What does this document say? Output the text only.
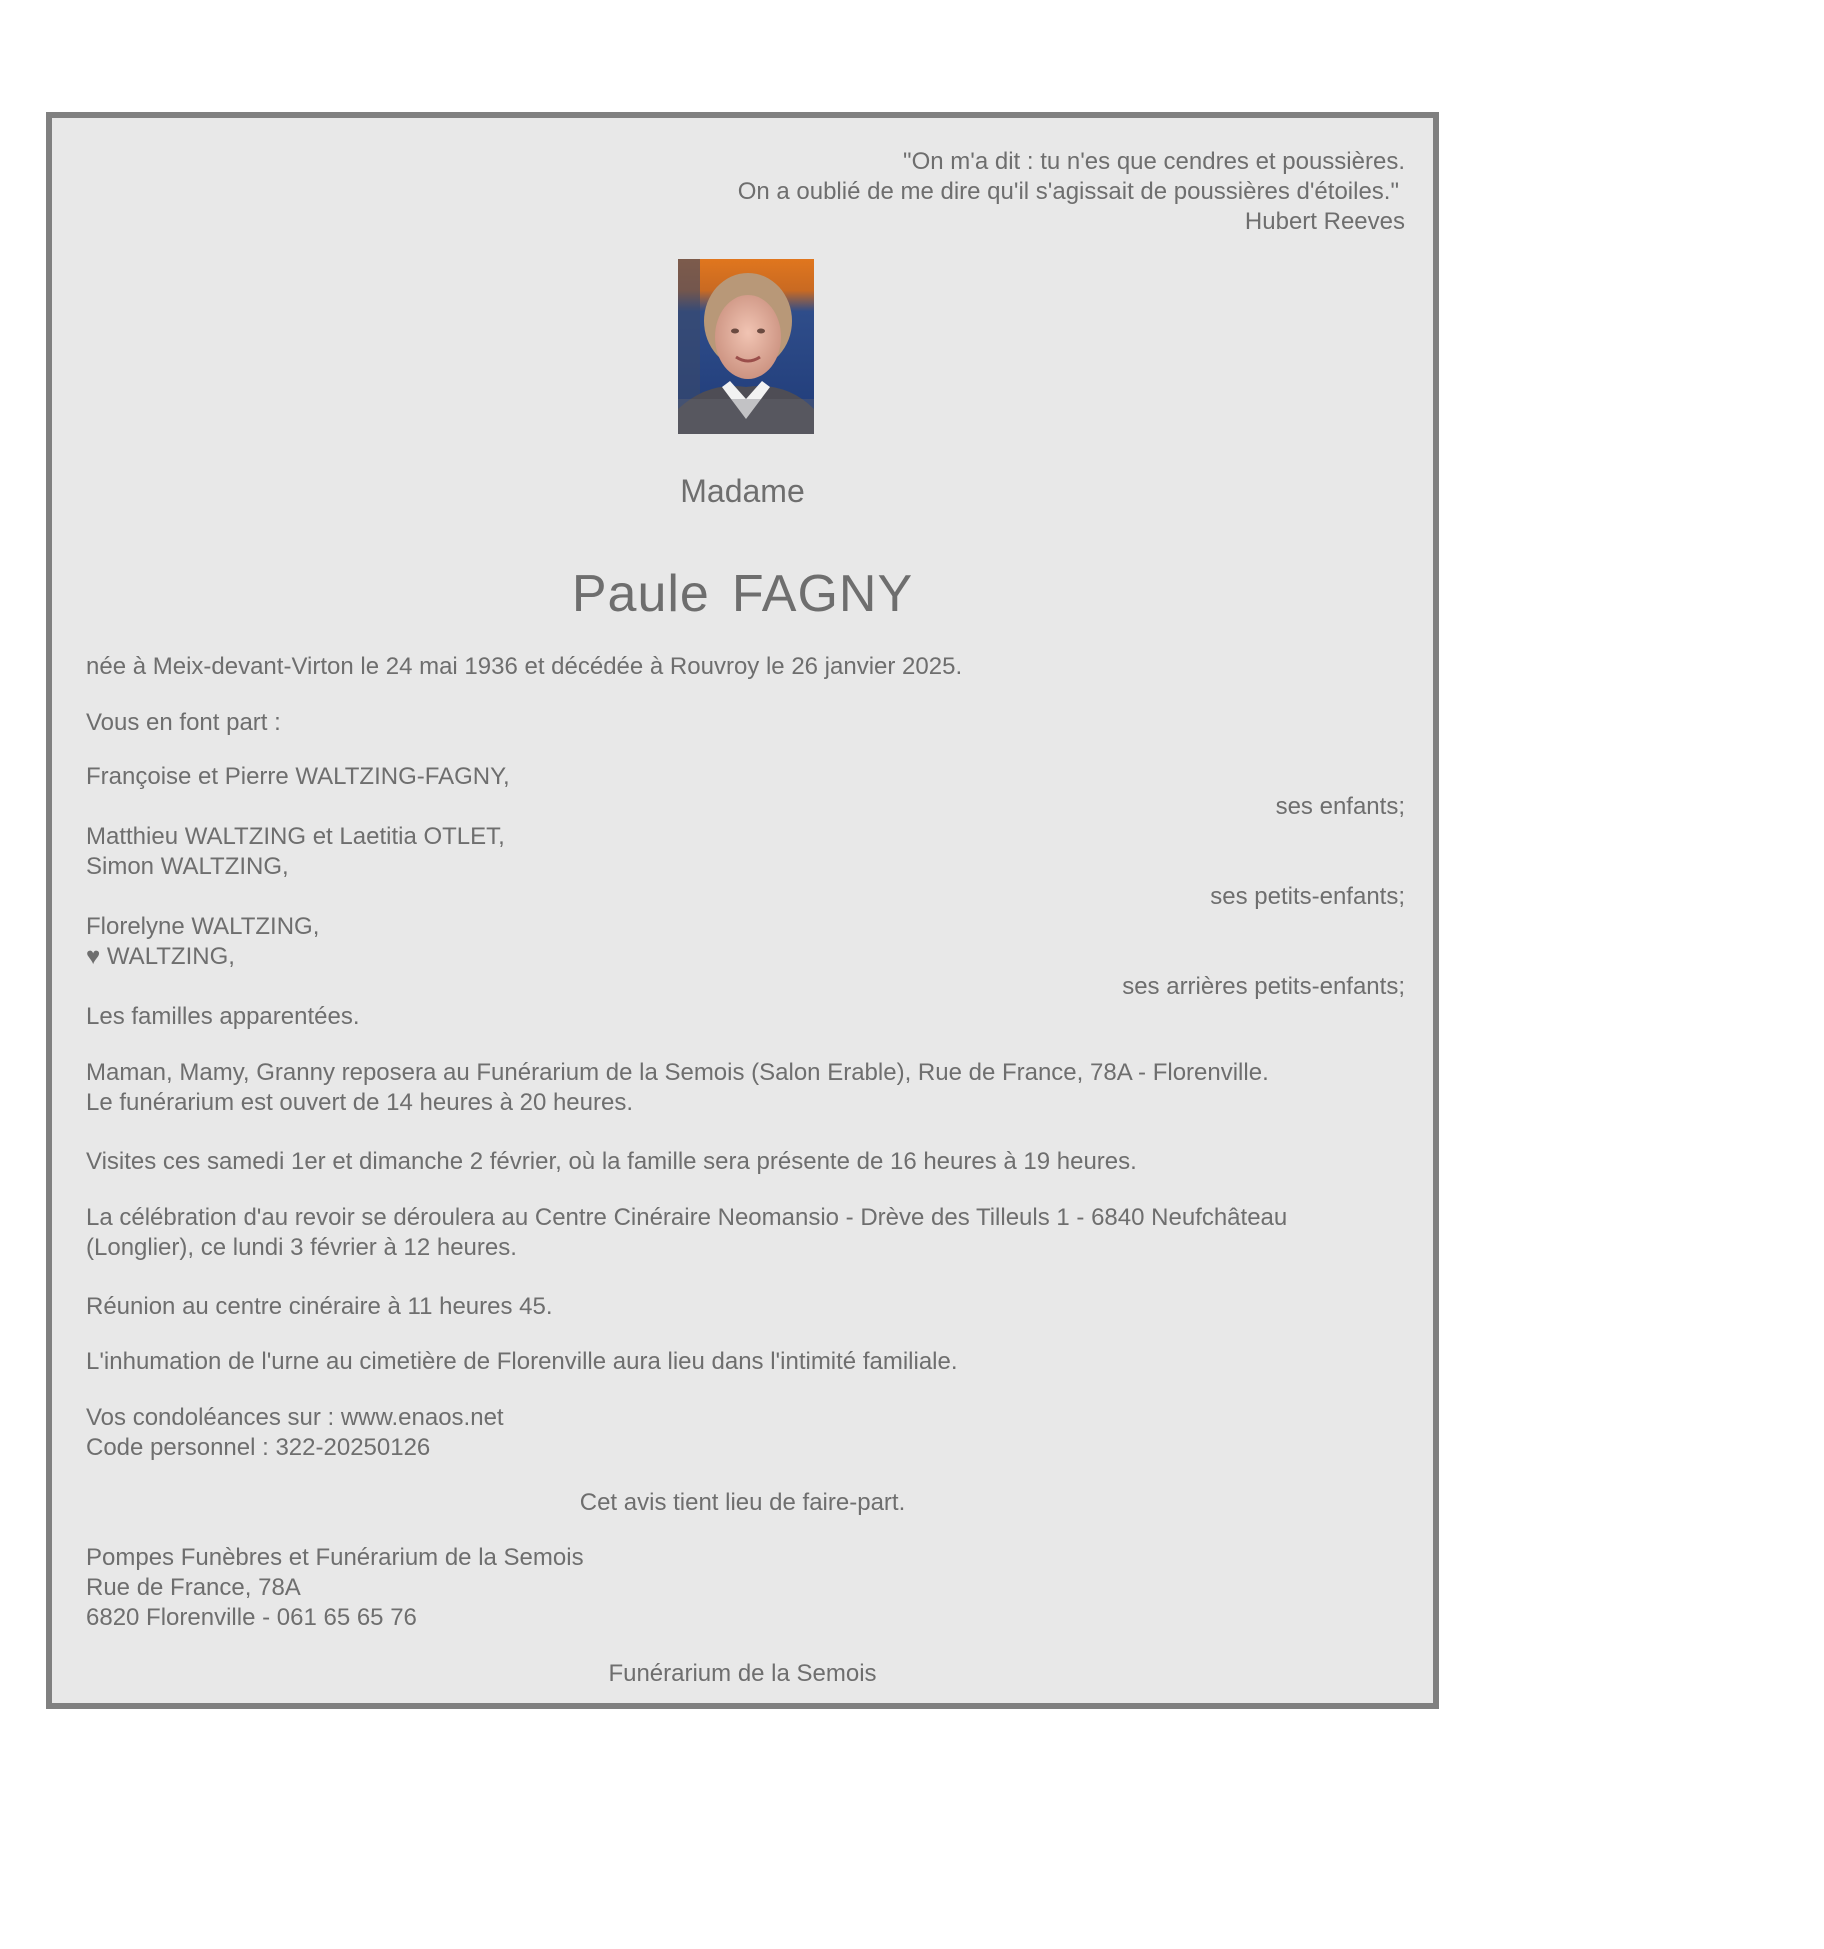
"On m'a dit : tu n'es que cendres et poussières.

On a oublié de me dire qu'il s'agissait de poussières d'étoiles."

Hubert Reeves

Madame

Paule FAGNY

née à Meix-devant-Virton le 24 mai 1936 et décédée à Rouvroy le 26 janvier 2025.

Vous en font part :

Françoise et Pierre WALTZING-FAGNY,

ses enfants;

Matthieu WALTZING et Laetitia OTLET,

Simon WALTZING,

ses petits-enfants;

Florelyne WALTZING,

♥ WALTZING,

ses arrières petits-enfants;

Les familles apparentées.

Maman, Mamy, Granny reposera au Funérarium de la Semois (Salon Erable), Rue de France, 78A - Florenville.

Le funérarium est ouvert de 14 heures à 20 heures.

Visites ces samedi 1er et dimanche 2 février, où la famille sera présente de 16 heures à 19 heures.

La célébration d'au revoir se déroulera au Centre Cinéraire Neomansio - Drève des Tilleuls 1 - 6840 Neufchâteau

(Longlier), ce lundi 3 février à 12 heures.

Réunion au centre cinéraire à 11 heures 45.

L'inhumation de l'urne au cimetière de Florenville aura lieu dans l'intimité familiale.

Vos condoléances sur : www.enaos.net

Code personnel : 322-20250126

Cet avis tient lieu de faire-part.

Pompes Funèbres et Funérarium de la Semois

Rue de France, 78A

6820 Florenville - 061 65 65 76

Funérarium de la Semois
